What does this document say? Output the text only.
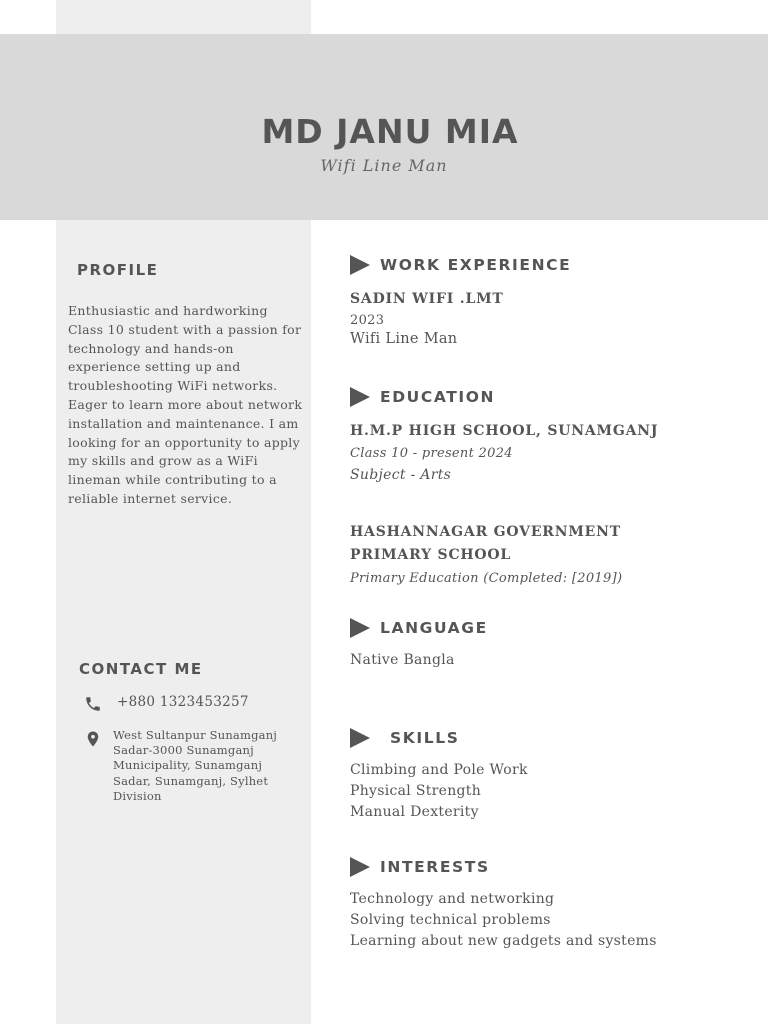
MD JANU MIA
Wifi Line Man
PROFILE
Enthusiastic and hardworking Class 10 student with a passion for technology and hands-on experience setting up and troubleshooting WiFi networks. Eager to learn more about network installation and maintenance. I am looking for an opportunity to apply my skills and grow as a WiFi lineman while contributing to a reliable internet service.
CONTACT ME
+880 1323453257
West Sultanpur Sunamganj Sadar-3000 Sunamganj Municipality, Sunamganj Sadar, Sunamganj, Sylhet Division
WORK EXPERIENCE
SADIN WIFI .LMT
2023
Wifi Line Man
EDUCATION
H.M.P HIGH SCHOOL, SUNAMGANJ
Class 10 - present 2024
Subject - Arts
HASHANNAGAR GOVERNMENT
PRIMARY SCHOOL
Primary Education (Completed: [2019])
LANGUAGE
Native Bangla
SKILLS
Climbing and Pole Work
Physical Strength
Manual Dexterity
INTERESTS
Technology and networking
Solving technical problems
Learning about new gadgets and systems
